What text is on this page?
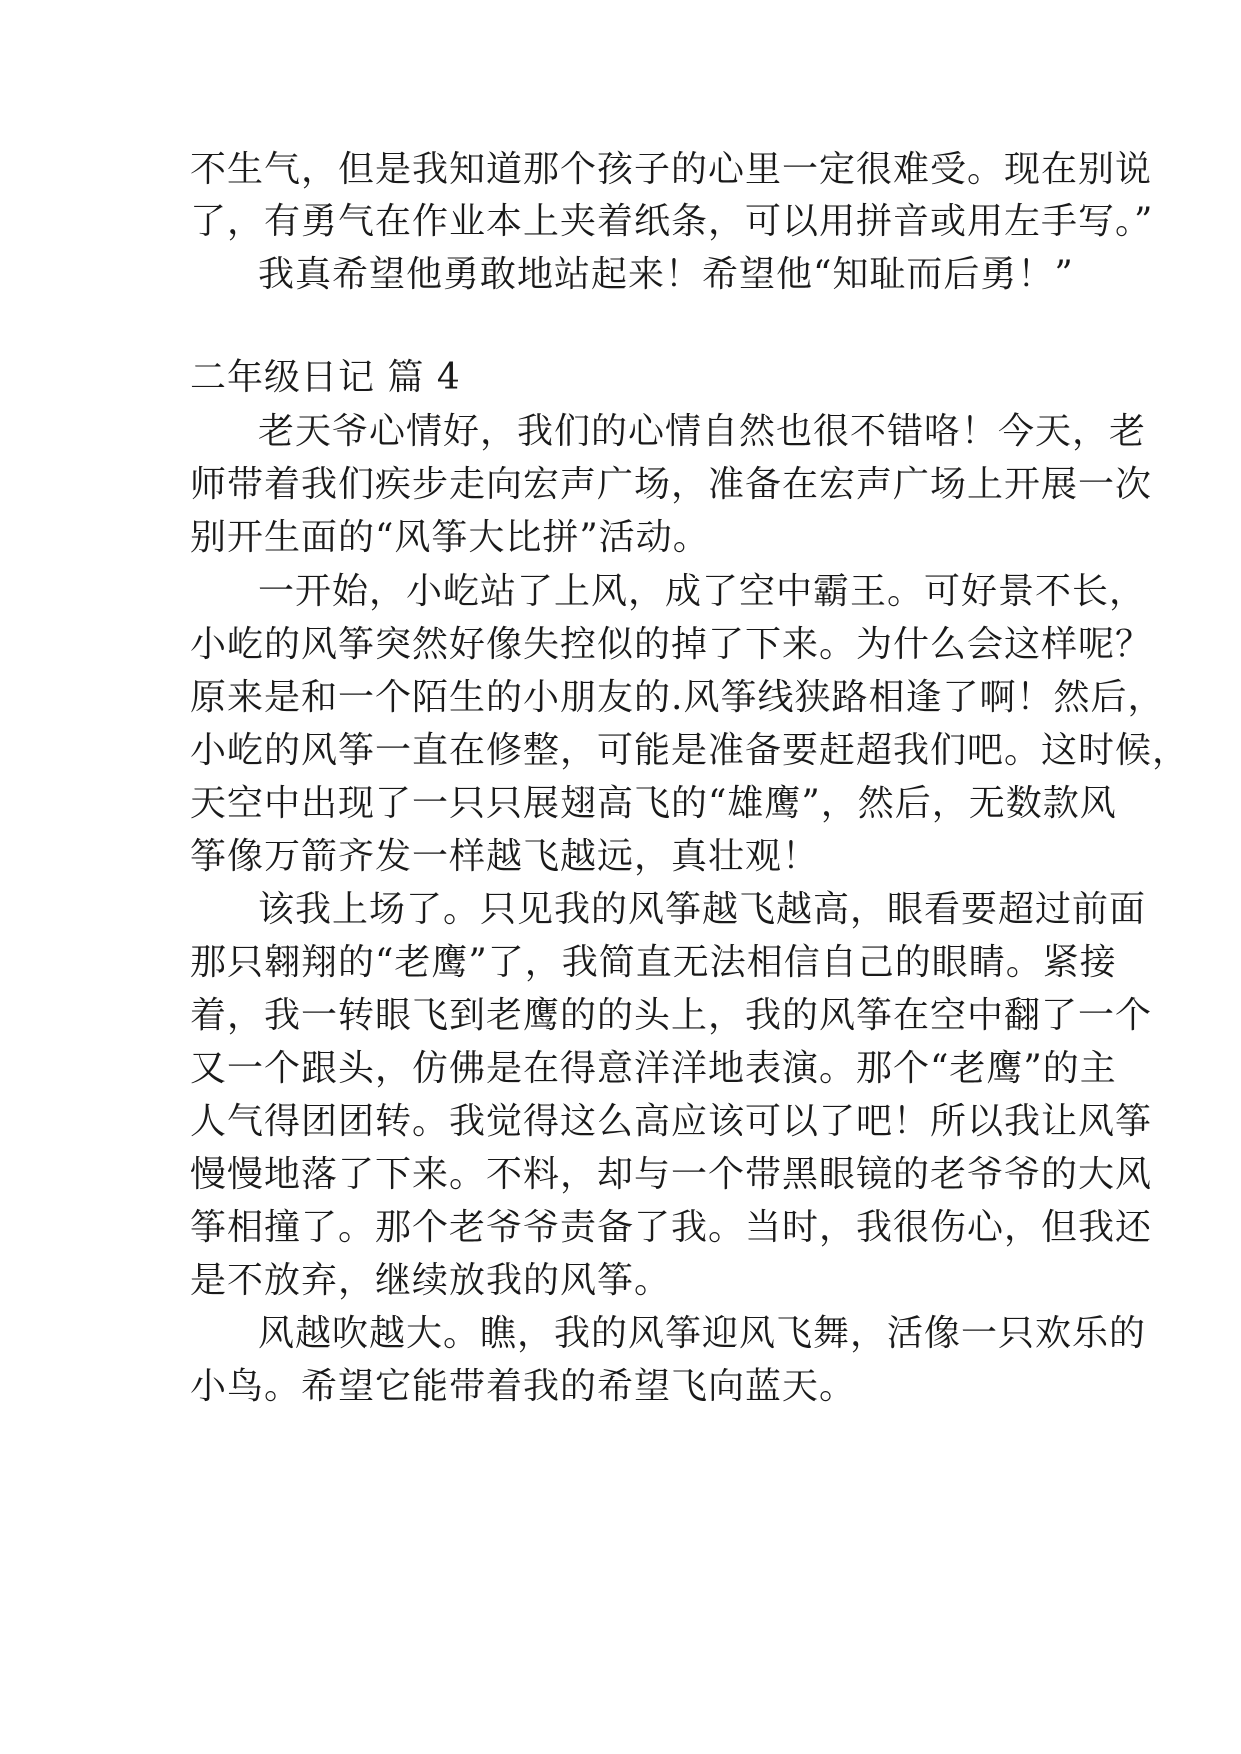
不生气，但是我知道那个孩子的心里一定很难受。现在别说
了，有勇气在作业本上夹着纸条，可以用拼音或用左手写。”
我真希望他勇敢地站起来！希望他“知耻而后勇！”
二年级日记 篇 4
老天爷心情好，我们的心情自然也很不错咯！今天，老
师带着我们疾步走向宏声广场，准备在宏声广场上开展一次
别开生面的“风筝大比拼”活动。
一开始，小屹站了上风，成了空中霸王。可好景不长，
小屹的风筝突然好像失控似的掉了下来。为什么会这样呢？
原来是和一个陌生的小朋友的.风筝线狭路相逢了啊！然后，
小屹的风筝一直在修整，可能是准备要赶超我们吧。这时候，
天空中出现了一只只展翅高飞的“雄鹰”，然后，无数款风
筝像万箭齐发一样越飞越远，真壮观！
该我上场了。只见我的风筝越飞越高，眼看要超过前面
那只翱翔的“老鹰”了，我简直无法相信自己的眼睛。紧接
着，我一转眼飞到老鹰的的头上，我的风筝在空中翻了一个
又一个跟头，仿佛是在得意洋洋地表演。那个“老鹰”的主
人气得团团转。我觉得这么高应该可以了吧！所以我让风筝
慢慢地落了下来。不料，却与一个带黑眼镜的老爷爷的大风
筝相撞了。那个老爷爷责备了我。当时，我很伤心，但我还
是不放弃，继续放我的风筝。
风越吹越大。瞧，我的风筝迎风飞舞，活像一只欢乐的
小鸟。希望它能带着我的希望飞向蓝天。
